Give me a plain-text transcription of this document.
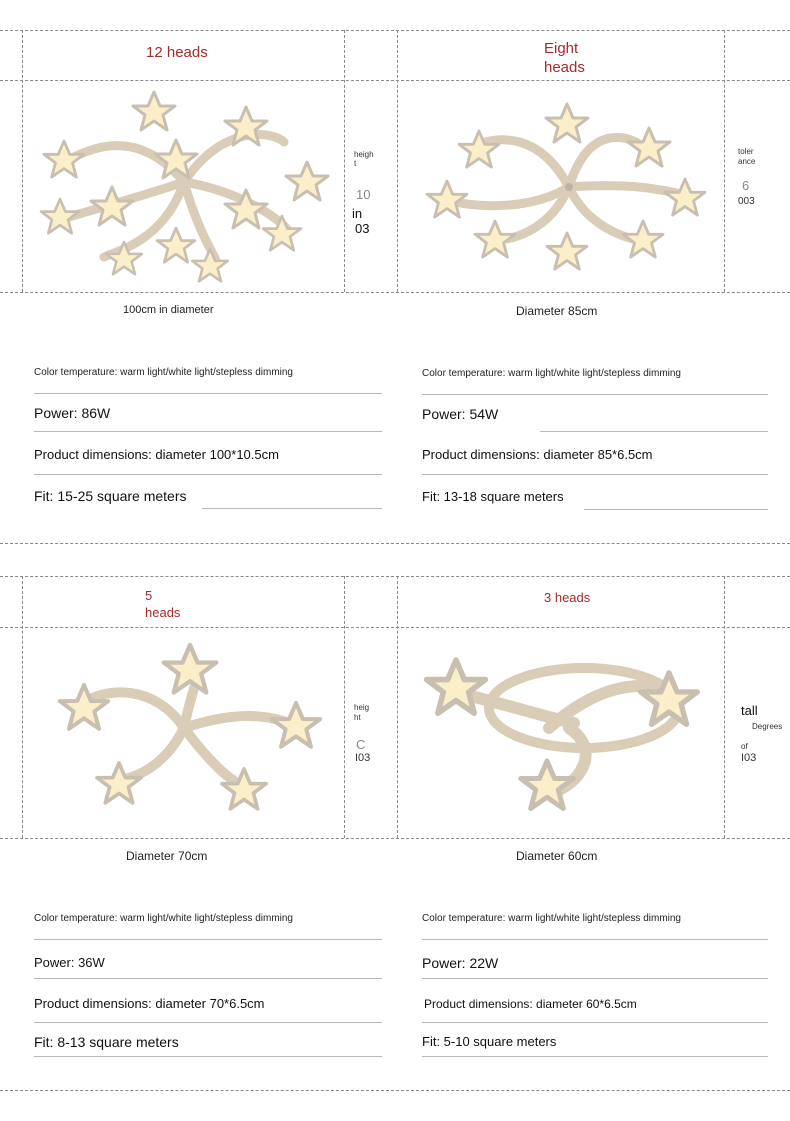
12 heads	Eight heads
5 heads
3 heads
heigh
t
10
in
03
toler
ance
6
003
heig
ht
C
I03
tall
Degrees
of
I03
100cm in diameter	Diameter 85cm
Diameter 70cm	Diameter 60cm
Color temperature: warm light/white light/stepless dimming
Power: 86W
Product dimensions: diameter 100*10.5cm
Fit: 15-25 square meters
Color temperature: warm light/white light/stepless dimming
Power: 54W
Product dimensions: diameter 85*6.5cm
Fit: 13-18 square meters
Color temperature: warm light/white light/stepless dimming
Power: 36W
Product dimensions: diameter 70*6.5cm
Fit: 8-13 square meters
Color temperature: warm light/white light/stepless dimming
Power: 22W
Product dimensions: diameter 60*6.5cm
Fit: 5-10 square meters
